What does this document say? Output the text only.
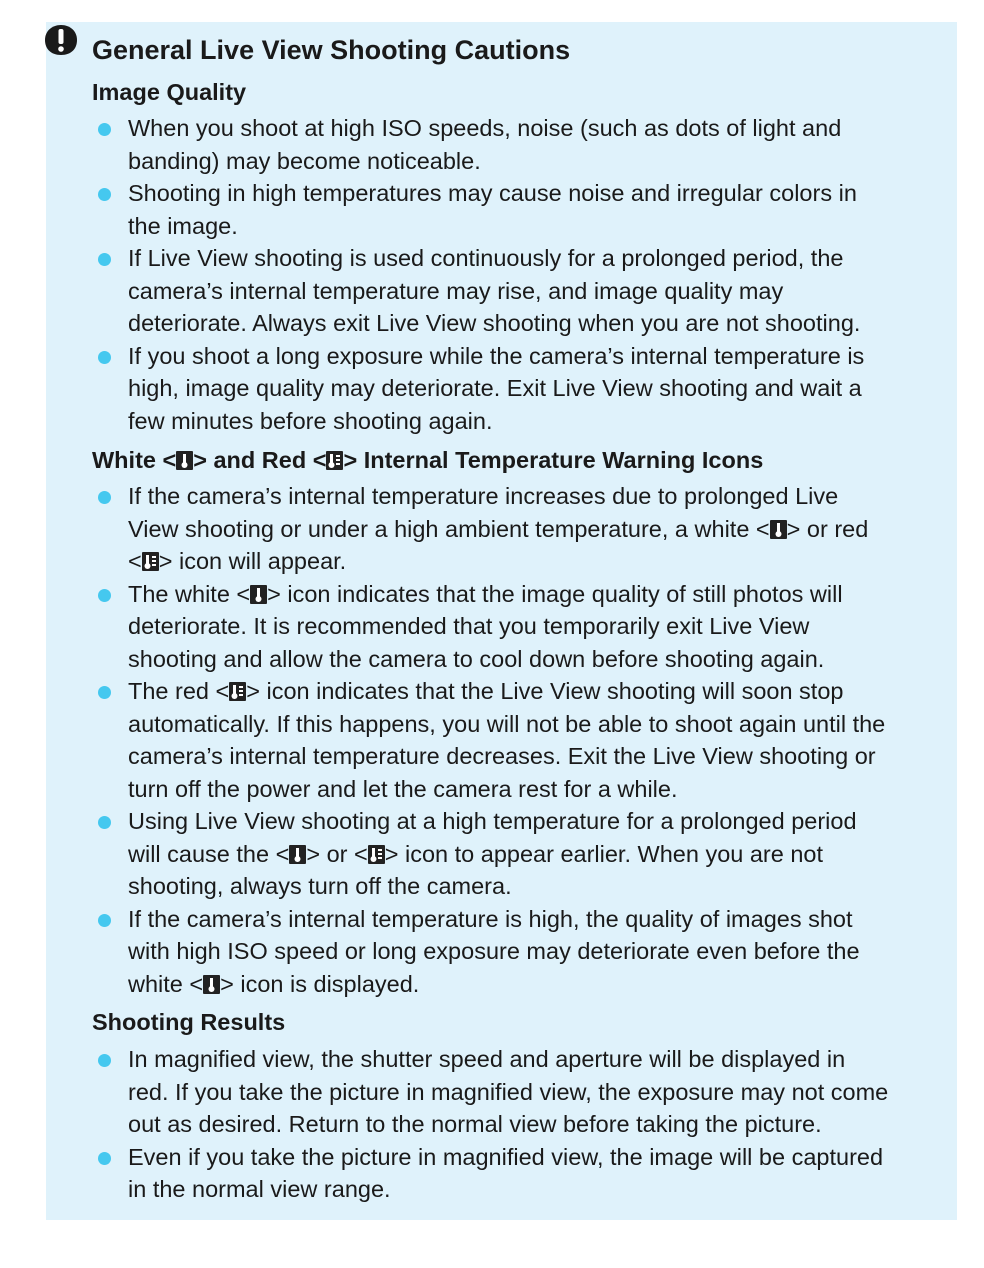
General Live View Shooting Cautions
Image Quality
When you shoot at high ISO speeds, noise (such as dots of light and
banding) may become noticeable.
Shooting in high temperatures may cause noise and irregular colors in
the image.
If Live View shooting is used continuously for a prolonged period, the
camera’s internal temperature may rise, and image quality may
deteriorate. Always exit Live View shooting when you are not shooting.
If you shoot a long exposure while the camera’s internal temperature is
high, image quality may deteriorate. Exit Live View shooting and wait a
few minutes before shooting again.
White < > and Red < > Internal Temperature Warning Icons
If the camera’s internal temperature increases due to prolonged Live
View shooting or under a high ambient temperature, a white < > or red
< > icon will appear.
The white < > icon indicates that the image quality of still photos will
deteriorate. It is recommended that you temporarily exit Live View
shooting and allow the camera to cool down before shooting again.
The red < > icon indicates that the Live View shooting will soon stop
automatically. If this happens, you will not be able to shoot again until the
camera’s internal temperature decreases. Exit the Live View shooting or
turn off the power and let the camera rest for a while.
Using Live View shooting at a high temperature for a prolonged period
will cause the < > or < > icon to appear earlier. When you are not
shooting, always turn off the camera.
If the camera’s internal temperature is high, the quality of images shot
with high ISO speed or long exposure may deteriorate even before the
white < > icon is displayed.
Shooting Results
In magnified view, the shutter speed and aperture will be displayed in
red. If you take the picture in magnified view, the exposure may not come
out as desired. Return to the normal view before taking the picture.
Even if you take the picture in magnified view, the image will be captured
in the normal view range.
